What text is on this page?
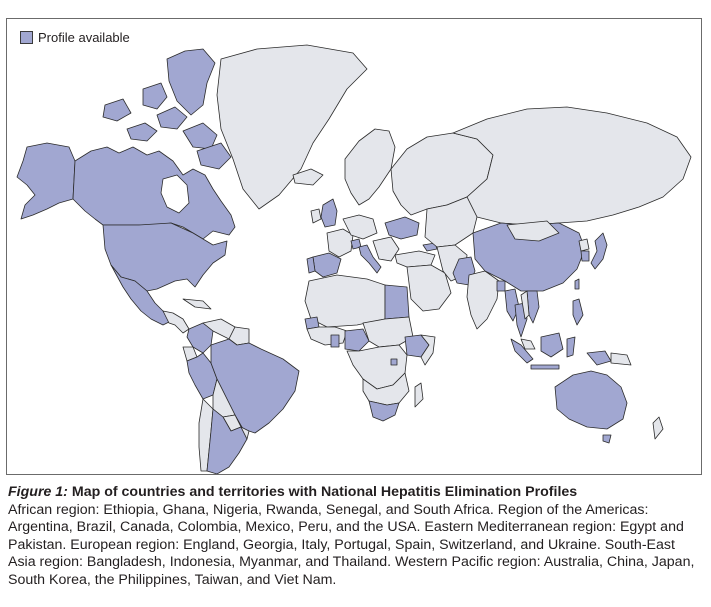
Profile available

Figure 1: Map of countries and territories with National Hepatitis Elimination Profiles

African region: Ethiopia, Ghana, Nigeria, Rwanda, Senegal, and South Africa. Region of the Americas: Argentina, Brazil, Canada, Colombia, Mexico, Peru, and the USA. Eastern Mediterranean region: Egypt and Pakistan. European region: England, Georgia, Italy, Portugal, Spain, Switzerland, and Ukraine. South-East Asia region: Bangladesh, Indonesia, Myanmar, and Thailand. Western Pacific region: Australia, China, Japan, South Korea, the Philippines, Taiwan, and Viet Nam.
